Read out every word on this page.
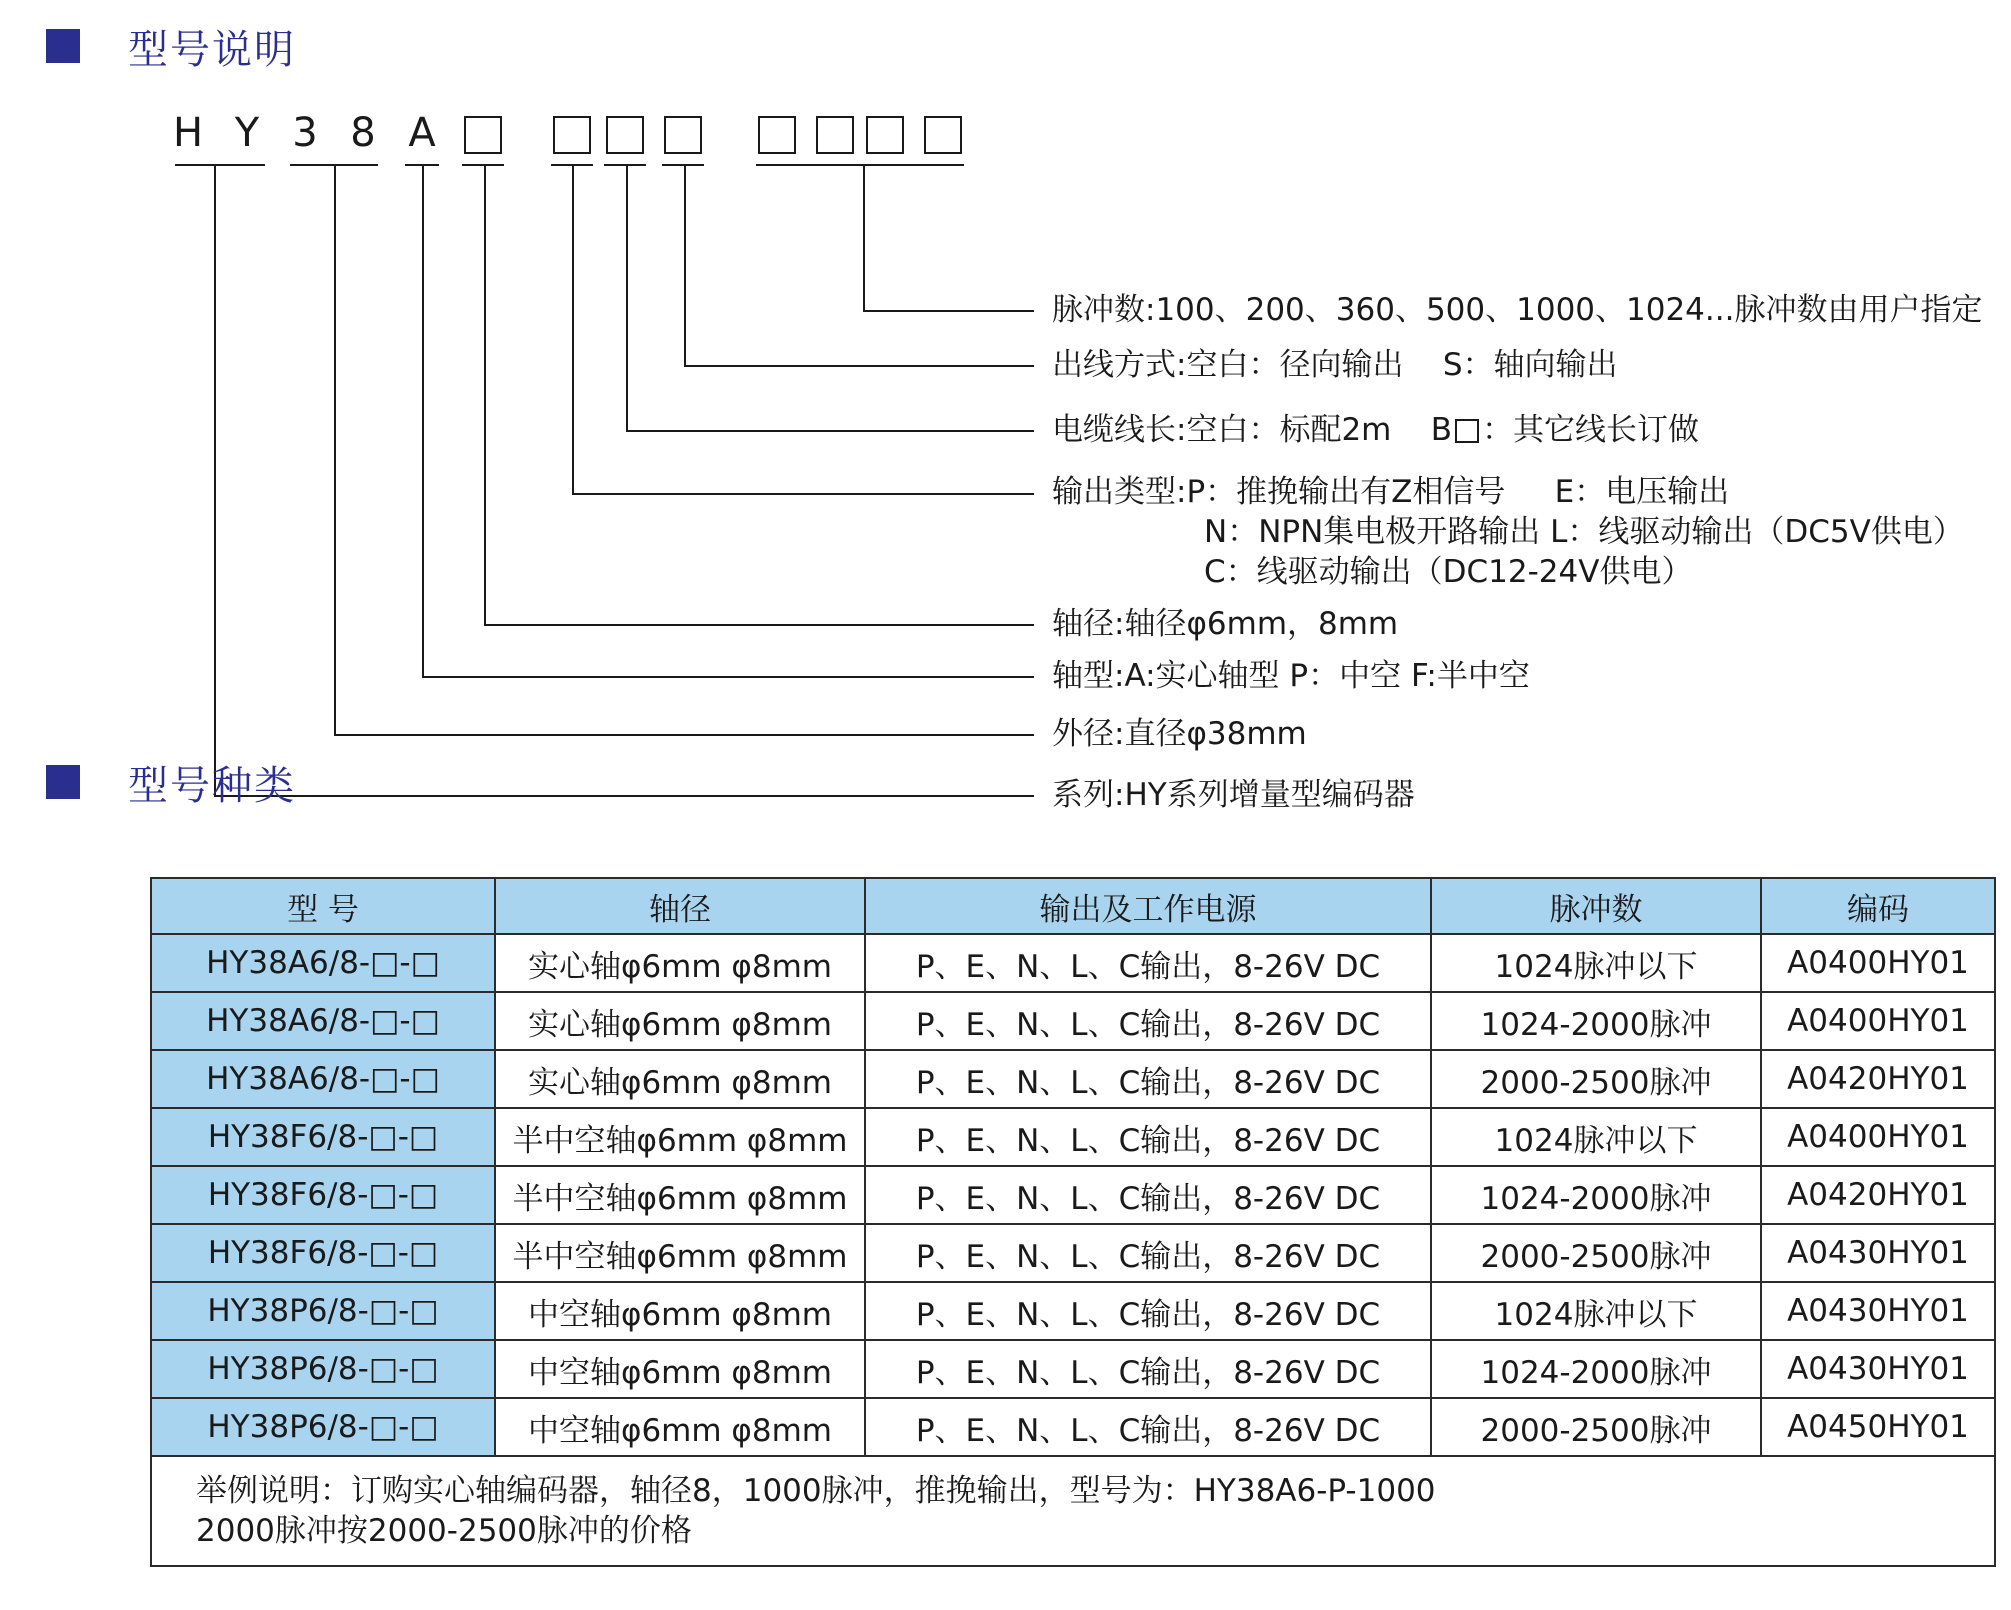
型号说明
H Y 3 8 A
脉冲数:100、200、360、500、1000、1024...脉冲数由用户指定
出线方式:空白：径向输出    S：轴向输出
电缆线长:空白：标配2m    B ：其它线长订做
输出类型:P：推挽输出有Z相信号     E：电压输出
N：NPN集电极开路输出 L：线驱动输出（DC5V供电）
C：线驱动输出（DC12-24V供电）
轴径:轴径φ6mm，8mm
轴型:A:实心轴型 P：中空 F:半中空
外径:直径φ38mm
系列:HY系列增量型编码器
型号种类
型 号	轴径	输出及工作电源	脉冲数	编码
HY38A6/8-□-□	实心轴φ6mm φ8mm	P、E、N、L、C输出，8-26V DC	1024脉冲以下	A0400HY01
HY38A6/8-□-□	实心轴φ6mm φ8mm	P、E、N、L、C输出，8-26V DC	1024-2000脉冲	A0400HY01
HY38A6/8-□-□	实心轴φ6mm φ8mm	P、E、N、L、C输出，8-26V DC	2000-2500脉冲	A0420HY01
HY38F6/8-□-□	半中空轴φ6mm φ8mm	P、E、N、L、C输出，8-26V DC	1024脉冲以下	A0400HY01
HY38F6/8-□-□	半中空轴φ6mm φ8mm	P、E、N、L、C输出，8-26V DC	1024-2000脉冲	A0420HY01
HY38F6/8-□-□	半中空轴φ6mm φ8mm	P、E、N、L、C输出，8-26V DC	2000-2500脉冲	A0430HY01
HY38P6/8-□-□	中空轴φ6mm φ8mm	P、E、N、L、C输出，8-26V DC	1024脉冲以下	A0430HY01
HY38P6/8-□-□	中空轴φ6mm φ8mm	P、E、N、L、C输出，8-26V DC	1024-2000脉冲	A0430HY01
HY38P6/8-□-□	中空轴φ6mm φ8mm	P、E、N、L、C输出，8-26V DC	2000-2500脉冲	A0450HY01

举例说明：订购实心轴编码器，轴径8，1000脉冲，推挽输出，型号为：HY38A6-P-1000
2000脉冲按2000-2500脉冲的价格				
